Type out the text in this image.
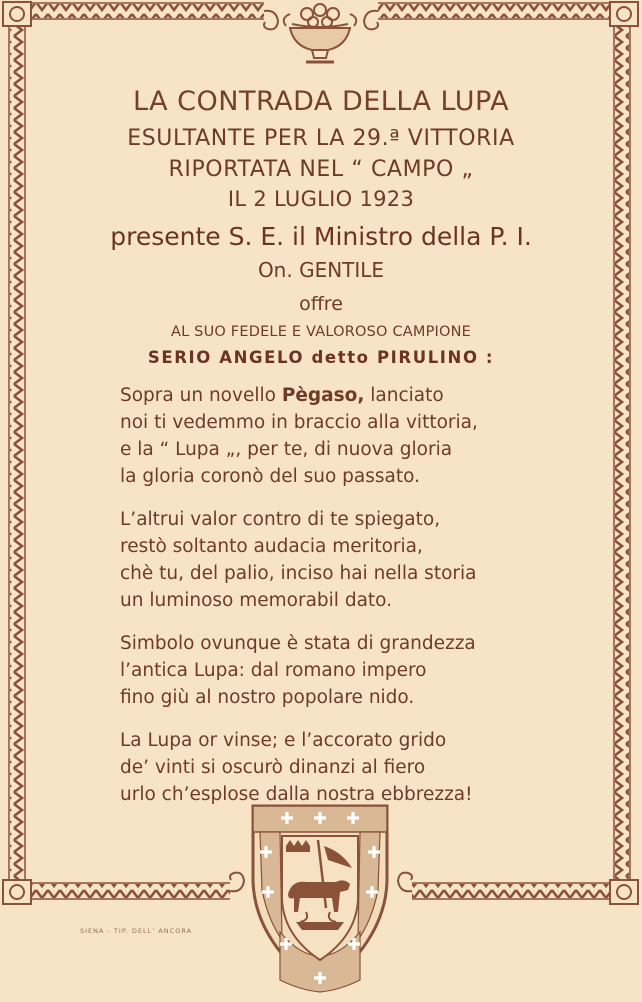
LA CONTRADA DELLA LUPA
ESULTANTE PER LA 29.ª VITTORIA
RIPORTATA NEL “ CAMPO „
IL 2 LUGLIO 1923
presente S. E. il Ministro della P. I.
On. GENTILE
offre
AL SUO FEDELE E VALOROSO CAMPIONE
SERIO ANGELO detto PIRULINO :
Sopra un novello Pègaso, lanciato
noi ti vedemmo in braccio alla vittoria,
e la “ Lupa „, per te, di nuova gloria
la gloria coronò del suo passato.
L’altrui valor contro di te spiegato,
restò soltanto audacia meritoria,
chè tu, del palio, inciso hai nella storia
un luminoso memorabil dato.
Simbolo ovunque è stata di grandezza
l’antica Lupa: dal romano impero
fino giù al nostro popolare nido.
La Lupa or vinse; e l’accorato grido
de’ vinti si oscurò dinanzi al fiero
urlo ch’esplose dalla nostra ebbrezza!
SIENA - TIP. DELL’ ANCORA
